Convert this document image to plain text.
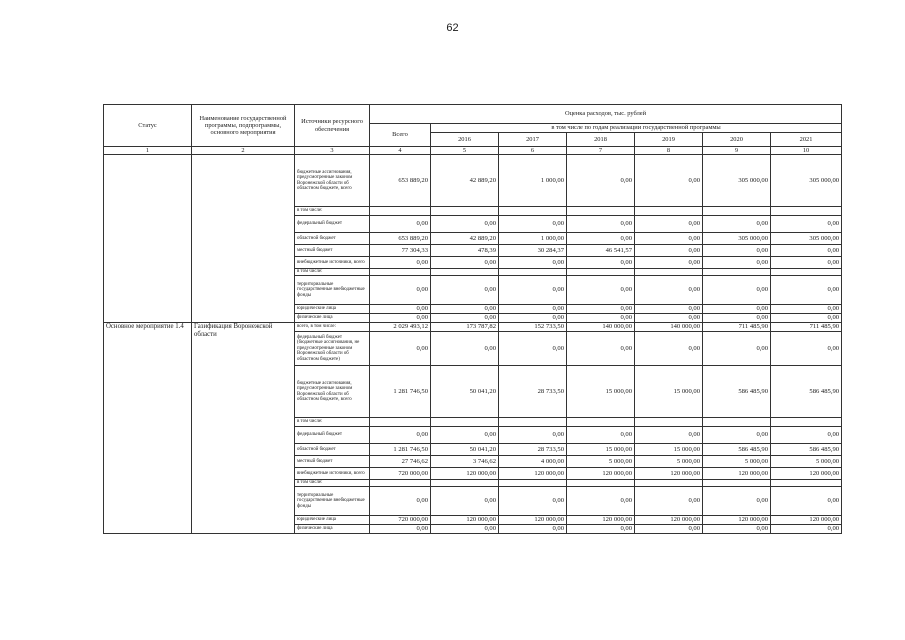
62
Статус	Наименование государственной программы, подпрограммы, основного мероприятия	Источники ресурсного обеспечения	Оценка расходов, тыс. рублей						
			Всего	в том числе по годам реализации государственной программы					
				2016	2017	2018	2019	2020	2021
1	2	3	4	5	6	7	8	9	10
		бюджетные ассигнования, предусмотренные законом Воронежской области об областном бюджете, всего	653 889,20	42 889,20	1 000,00	0,00	0,00	305 000,00	305 000,00
		в том числе:							
		федеральный бюджет	0,00	0,00	0,00	0,00	0,00	0,00	0,00
		областной бюджет	653 889,20	42 889,20	1 000,00	0,00	0,00	305 000,00	305 000,00
		местный бюджет	77 304,33	478,39	30 284,37	46 541,57	0,00	0,00	0,00
		внебюджетные источники, всего	0,00	0,00	0,00	0,00	0,00	0,00	0,00
		в том числе:							
		территориальные государственные внебюджетные фонды	0,00	0,00	0,00	0,00	0,00	0,00	0,00
		юридические лица	0,00	0,00	0,00	0,00	0,00	0,00	0,00
		физические лица	0,00	0,00	0,00	0,00	0,00	0,00	0,00
Основное мероприятие 1.4	Газификация Воронежской области	всего, в том числе:	2 029 493,12	173 787,82	152 733,50	140 000,00	140 000,00	711 485,90	711 485,90
		федеральный бюджет (бюджетные ассигнования, не предусмотренные законом Воронежской области об областном бюджете)	0,00	0,00	0,00	0,00	0,00	0,00	0,00
		бюджетные ассигнования, предусмотренные законом Воронежской области об областном бюджете, всего	1 281 746,50	50 041,20	28 733,50	15 000,00	15 000,00	586 485,90	586 485,90
		в том числе:							
		федеральный бюджет	0,00	0,00	0,00	0,00	0,00	0,00	0,00
		областной бюджет	1 281 746,50	50 041,20	28 733,50	15 000,00	15 000,00	586 485,90	586 485,90
		местный бюджет	27 746,62	3 746,62	4 000,00	5 000,00	5 000,00	5 000,00	5 000,00
		внебюджетные источники, всего	720 000,00	120 000,00	120 000,00	120 000,00	120 000,00	120 000,00	120 000,00
		в том числе:							
		территориальные государственные внебюджетные фонды	0,00	0,00	0,00	0,00	0,00	0,00	0,00
		юридические лица	720 000,00	120 000,00	120 000,00	120 000,00	120 000,00	120 000,00	120 000,00
		физические лица	0,00	0,00	0,00	0,00	0,00	0,00	0,00
